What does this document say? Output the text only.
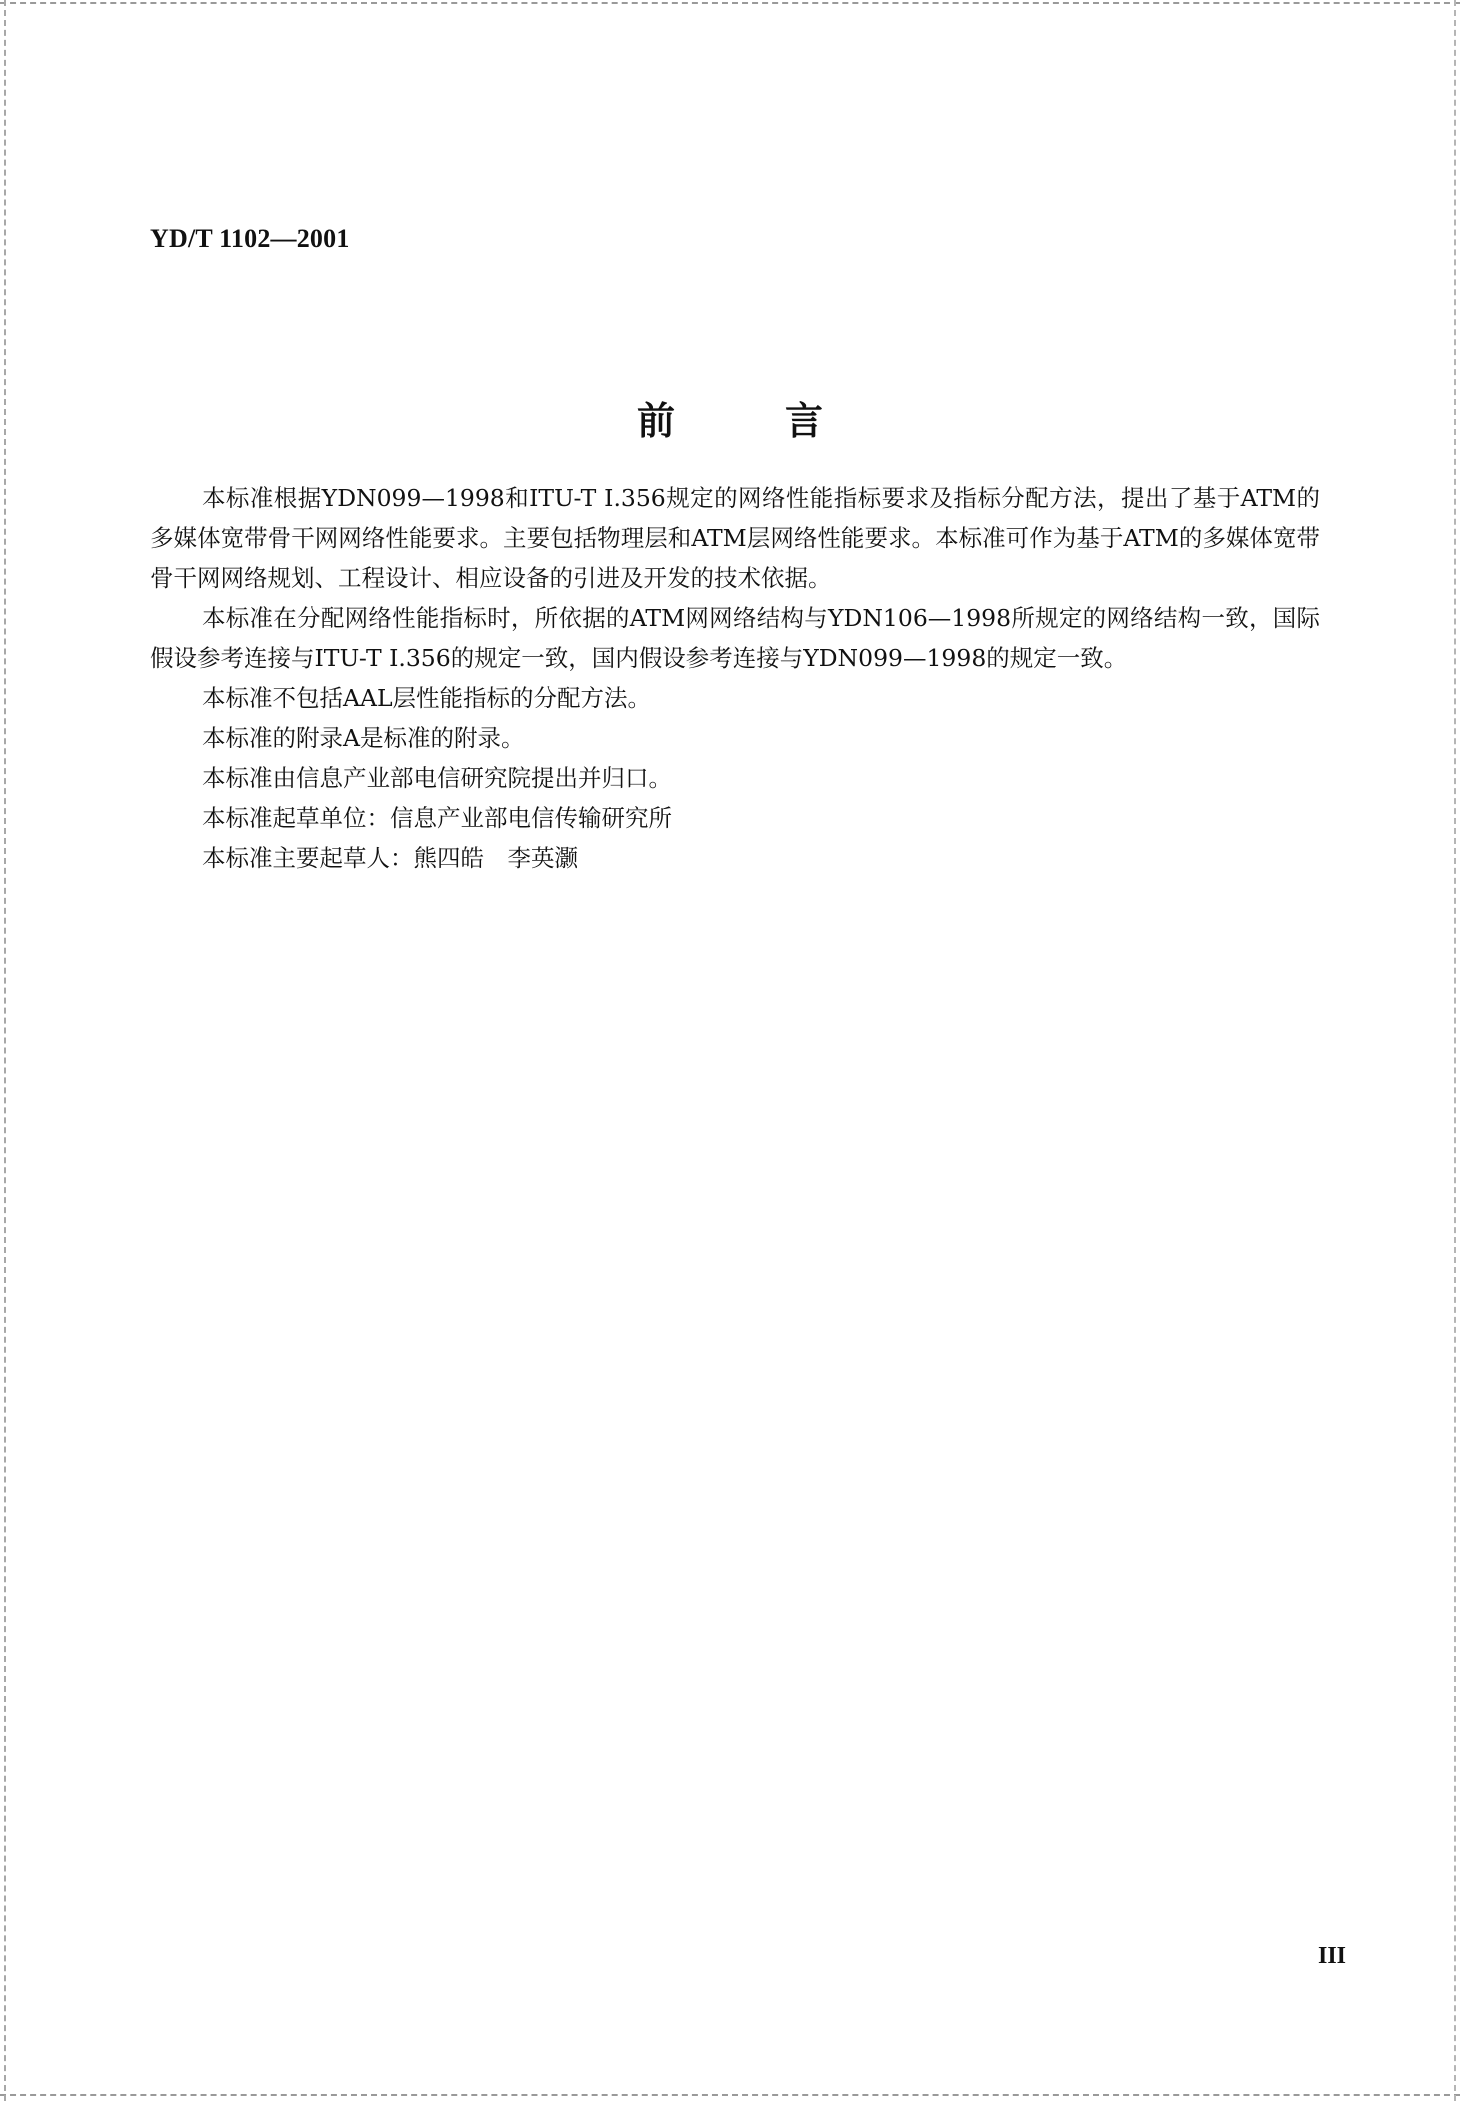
YD/T 1102—2001
前言

本标准根据YDN099—1998和ITU-T I.356规定的网络性能指标要求及指标分配方法，提出了基于ATM的多媒体宽带骨干网网络性能要求。主要包括物理层和ATM层网络性能要求。本标准可作为基于ATM的多媒体宽带骨干网网络规划、工程设计、相应设备的引进及开发的技术依据。

本标准在分配网络性能指标时，所依据的ATM网网络结构与YDN106—1998所规定的网络结构一致，国际假设参考连接与ITU-T I.356的规定一致，国内假设参考连接与YDN099—1998的规定一致。

本标准不包括AAL层性能指标的分配方法。

本标准的附录A是标准的附录。

本标准由信息产业部电信研究院提出并归口。

本标准起草单位：信息产业部电信传输研究所

本标准主要起草人：熊四皓　李英灏

III
